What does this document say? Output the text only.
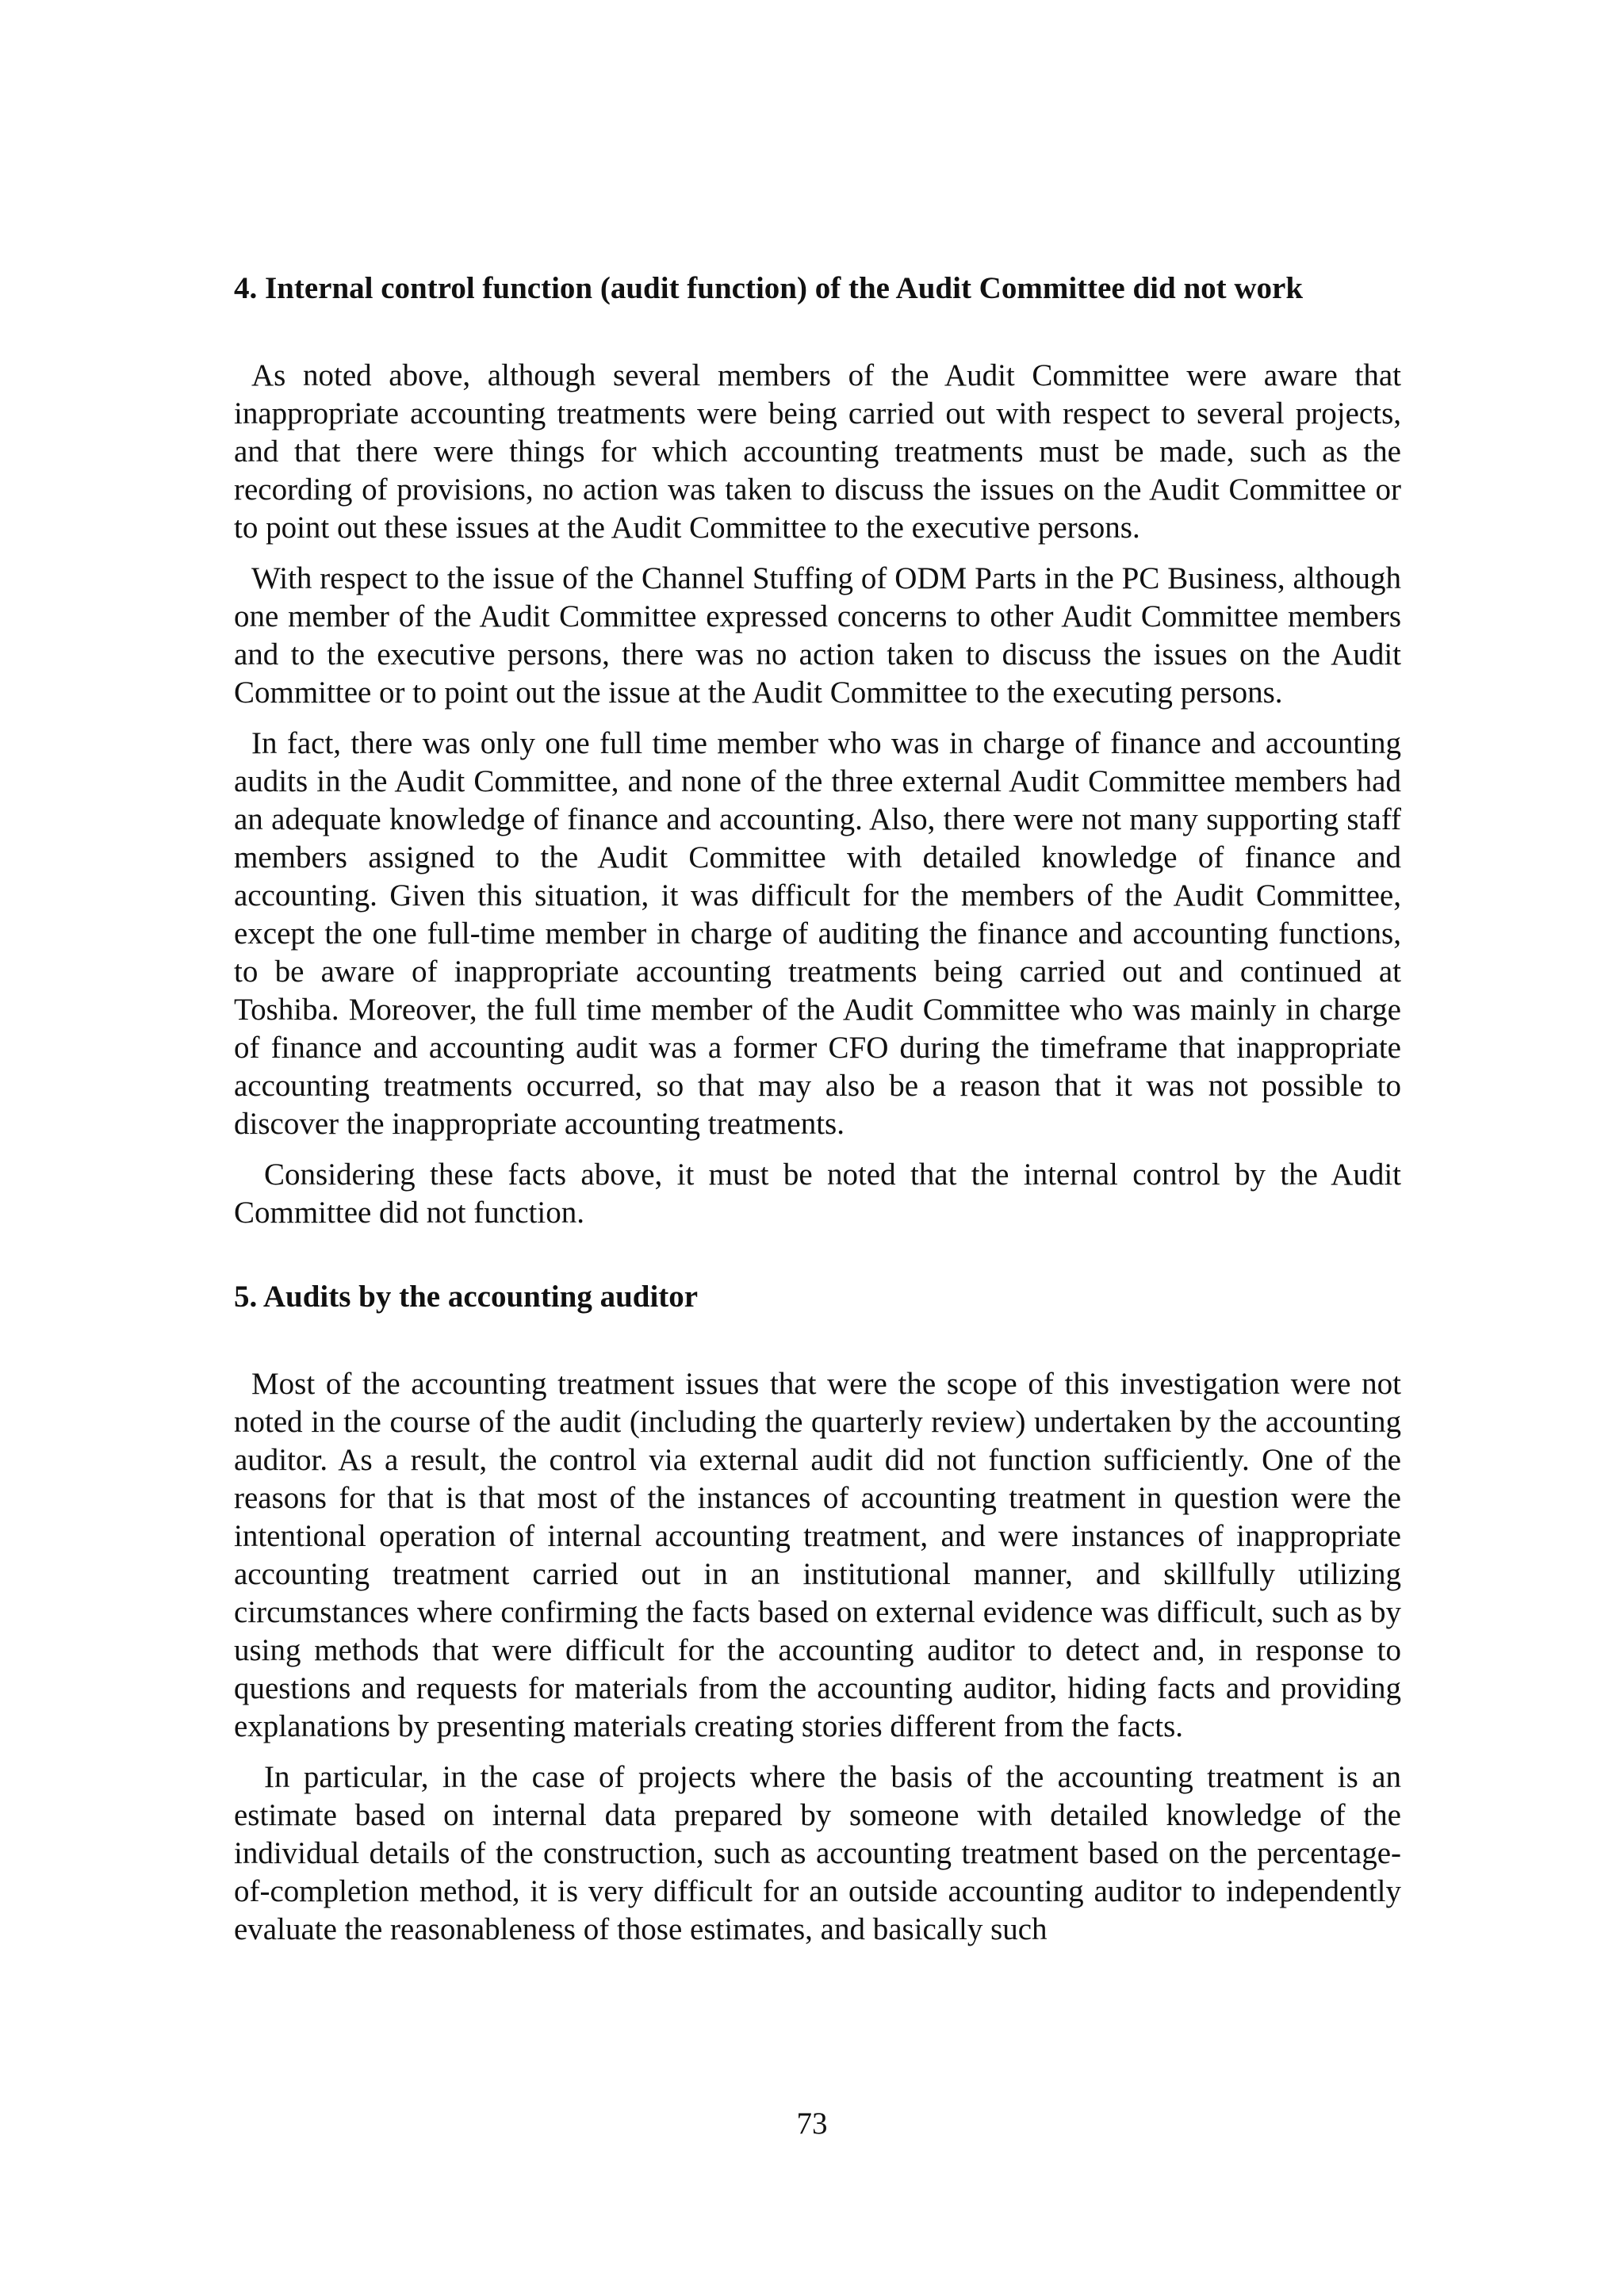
4. Internal control function (audit function) of the Audit Committee did not work

As noted above, although several members of the Audit Committee were aware that inappropriate accounting treatments were being carried out with respect to several projects, and that there were things for which accounting treatments must be made, such as the recording of provisions, no action was taken to discuss the issues on the Audit Committee or to point out these issues at the Audit Committee to the executive persons.

With respect to the issue of the Channel Stuffing of ODM Parts in the PC Business, although one member of the Audit Committee expressed concerns to other Audit Committee members and to the executive persons, there was no action taken to discuss the issues on the Audit Committee or to point out the issue at the Audit Committee to the executing persons.

In fact, there was only one full time member who was in charge of finance and accounting audits in the Audit Committee, and none of the three external Audit Committee members had an adequate knowledge of finance and accounting. Also, there were not many supporting staff members assigned to the Audit Committee with detailed knowledge of finance and accounting. Given this situation, it was difficult for the members of the Audit Committee, except the one full-time member in charge of auditing the finance and accounting functions, to be aware of inappropriate accounting treatments being carried out and continued at Toshiba. Moreover, the full time member of the Audit Committee who was mainly in charge of finance and accounting audit was a former CFO during the timeframe that inappropriate accounting treatments occurred, so that may also be a reason that it was not possible to discover the inappropriate accounting treatments.

Considering these facts above, it must be noted that the internal control by the Audit Committee did not function.

5. Audits by the accounting auditor

Most of the accounting treatment issues that were the scope of this investigation were not noted in the course of the audit (including the quarterly review) undertaken by the accounting auditor. As a result, the control via external audit did not function sufficiently. One of the reasons for that is that most of the instances of accounting treatment in question were the intentional operation of internal accounting treatment, and were instances of inappropriate accounting treatment carried out in an institutional manner, and skillfully utilizing circumstances where confirming the facts based on external evidence was difficult, such as by using methods that were difficult for the accounting auditor to detect and, in response to questions and requests for materials from the accounting auditor, hiding facts and providing explanations by presenting materials creating stories different from the facts.

In particular, in the case of projects where the basis of the accounting treatment is an estimate based on internal data prepared by someone with detailed knowledge of the individual details of the construction, such as accounting treatment based on the percentage-of-completion method, it is very difficult for an outside accounting auditor to independently evaluate the reasonableness of those estimates, and basically such

73
